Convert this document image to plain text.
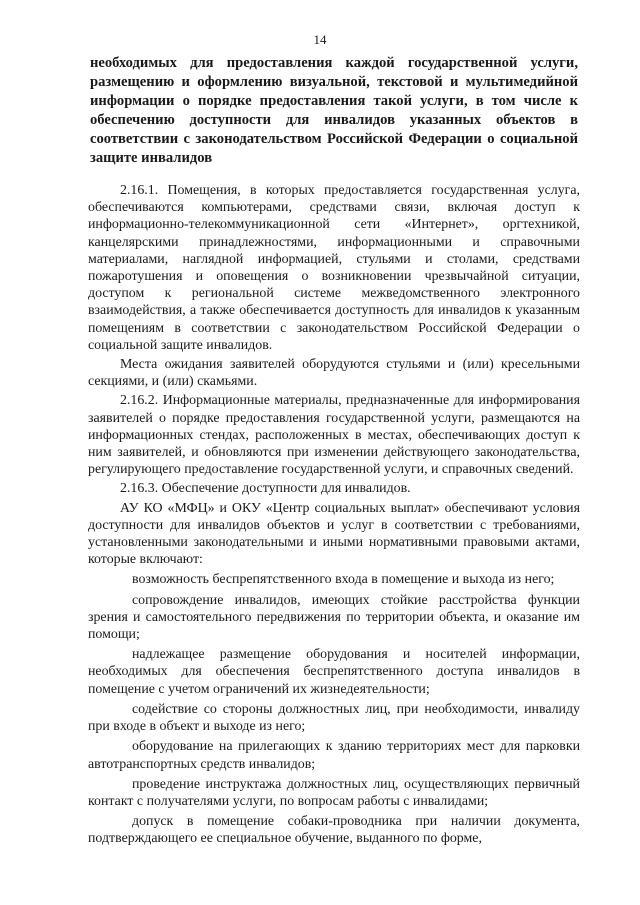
14
необходимых для предоставления каждой государственной услуги, размещению и оформлению визуальной, текстовой и мультимедийной информации о порядке предоставления такой услуги, в том числе к обеспечению доступности для инвалидов указанных объектов в соответствии с законодательством Российской Федерации о социальной защите инвалидов

2.16.1. Помещения, в которых предоставляется государственная услуга, обеспечиваются компьютерами, средствами связи, включая доступ к информационно-телекоммуникационной сети «Интернет», оргтехникой, канцелярскими принадлежностями, информационными и справочными материалами, наглядной информацией, стульями и столами, средствами пожаротушения и оповещения о возникновении чрезвычайной ситуации, доступом к региональной системе межведомственного электронного взаимодействия, а также обеспечивается доступность для инвалидов к указанным помещениям в соответствии с законодательством Российской Федерации о социальной защите инвалидов.

Места ожидания заявителей оборудуются стульями и (или) кресельными секциями, и (или) скамьями.

2.16.2. Информационные материалы, предназначенные для информирования заявителей о порядке предоставления государственной услуги, размещаются на информационных стендах, расположенных в местах, обеспечивающих доступ к ним заявителей, и обновляются при изменении действующего законодательства, регулирующего предоставление государственной услуги, и справочных сведений.

2.16.3. Обеспечение доступности для инвалидов.

АУ КО «МФЦ» и ОКУ «Центр социальных выплат» обеспечивают условия доступности для инвалидов объектов и услуг в соответствии с требованиями, установленными законодательными и иными нормативными правовыми актами, которые включают:

возможность беспрепятственного входа в помещение и выхода из него;

сопровождение инвалидов, имеющих стойкие расстройства функции зрения и самостоятельного передвижения по территории объекта, и оказание им помощи;

надлежащее размещение оборудования и носителей информации, необходимых для обеспечения беспрепятственного доступа инвалидов в помещение с учетом ограничений их жизнедеятельности;

содействие со стороны должностных лиц, при необходимости, инвалиду при входе в объект и выходе из него;

оборудование на прилегающих к зданию территориях мест для парковки автотранспортных средств инвалидов;

проведение инструктажа должностных лиц, осуществляющих первичный контакт с получателями услуги, по вопросам работы с инвалидами;

допуск в помещение собаки-проводника при наличии документа, подтверждающего ее специальное обучение, выданного по форме,
